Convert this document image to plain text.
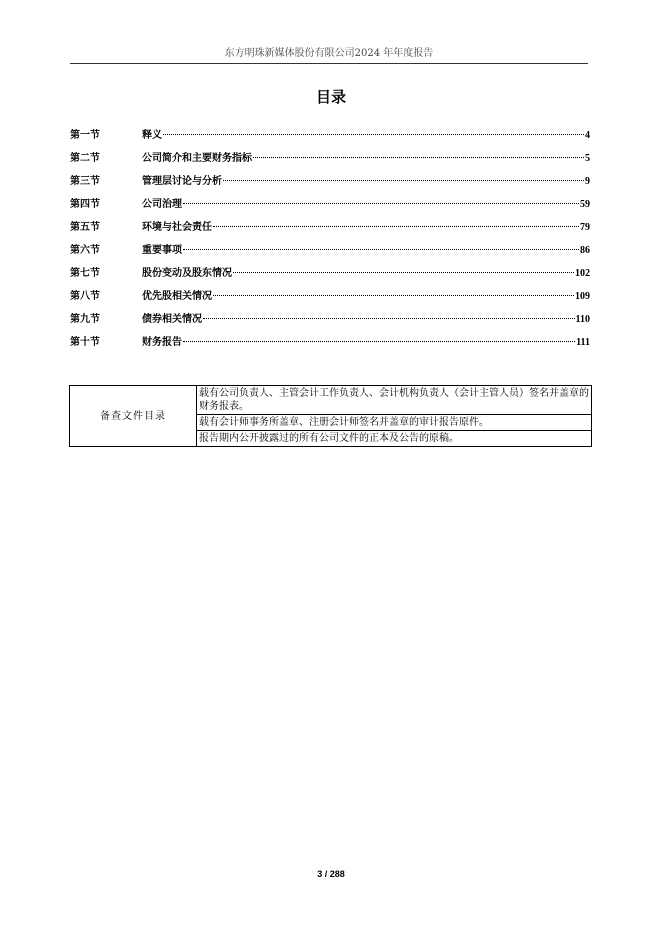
东方明珠新媒体股份有限公司2024 年年度报告
目录
第一节	释义	4
第二节	公司简介和主要财务指标	5
第三节	管理层讨论与分析	9
第四节	公司治理	59
第五节	环境与社会责任	79
第六节	重要事项	86
第七节	股份变动及股东情况	102
第八节	优先股相关情况	109
第九节	债券相关情况	110
第十节	财务报告	111
备查文件目录	载有公司负责人、主管会计工作负责人、会计机构负责人（会计主管人员）签名并盖章的财务报表。
载有会计师事务所盖章、注册会计师签名并盖章的审计报告原件。
报告期内公开披露过的所有公司文件的正本及公告的原稿。
3 / 288
